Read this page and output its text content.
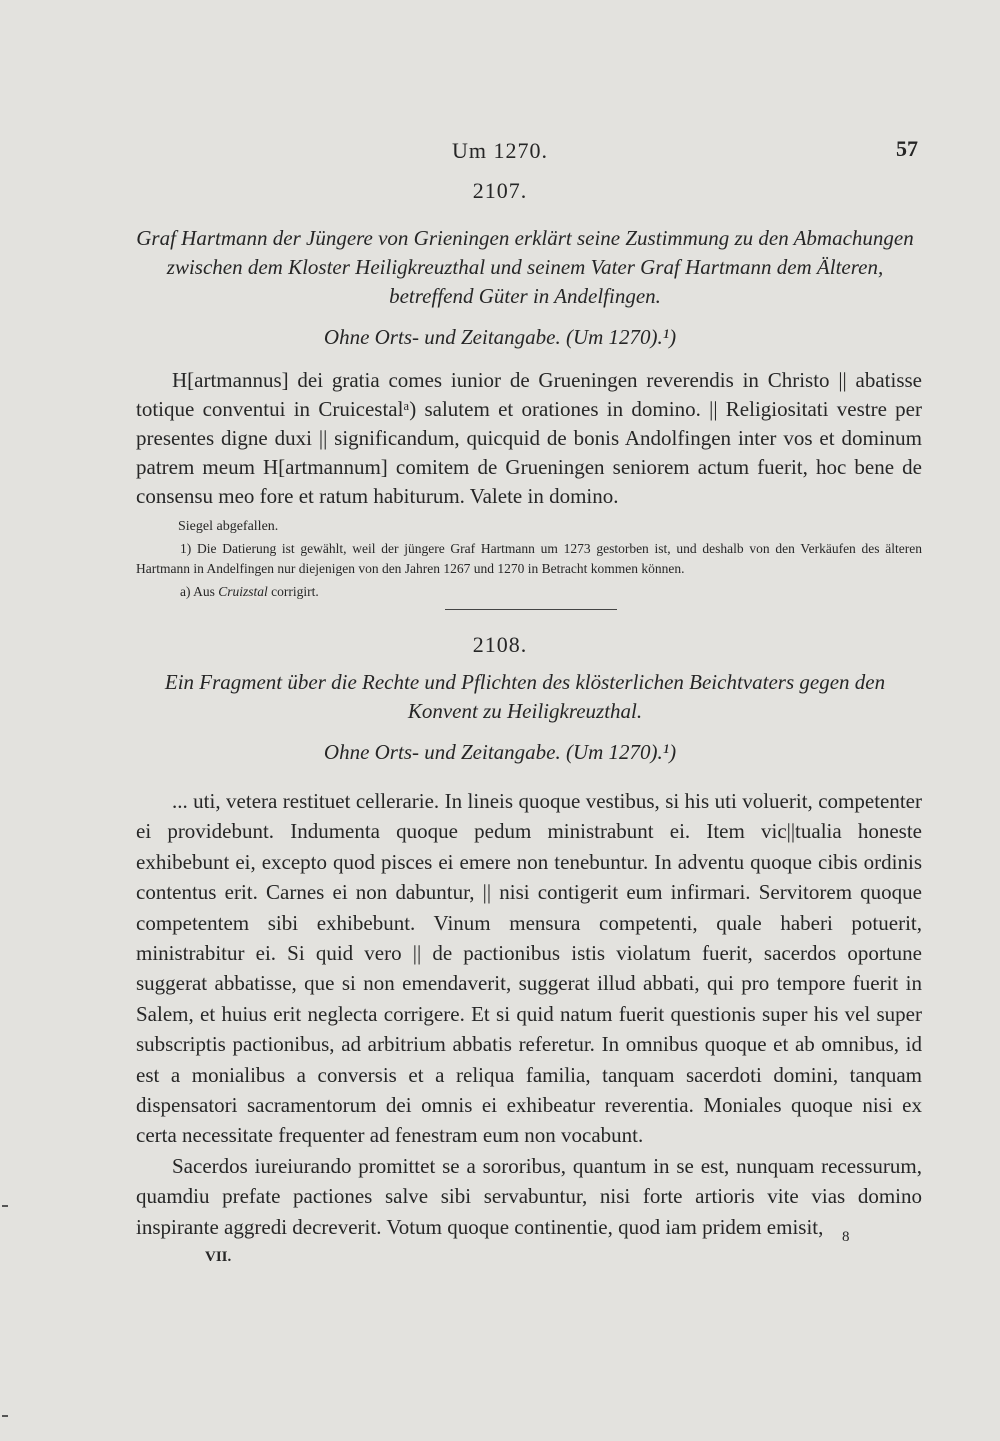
Um 1270.	57
2107.
Graf Hartmann der Jüngere von Grieningen erklärt seine Zustimmung zu den Abmachungen zwischen dem Kloster Heiligkreuzthal und seinem Vater Graf Hartmann dem Älteren, betreffend Güter in Andelfingen.
Ohne Orts- und Zeitangabe. (Um 1270).¹)

H[artmannus] dei gratia comes iunior de Grueningen reverendis in Christo || abatisse totique conventui in Cruicestalᵃ) salutem et orationes in domino. || Religiositati vestre per presentes digne duxi || significandum, quicquid de bonis Andolfingen inter vos et dominum patrem meum H[artmannum] comitem de Grueningen seniorem actum fuerit, hoc bene de consensu meo fore et ratum habiturum. Valete in domino.

Siegel abgefallen.
1) Die Datierung ist gewählt, weil der jüngere Graf Hartmann um 1273 gestorben ist, und deshalb von den Verkäufen des älteren Hartmann in Andelfingen nur diejenigen von den Jahren 1267 und 1270 in Betracht kommen können.
a) Aus Cruizstal corrigirt.
2108.
Ein Fragment über die Rechte und Pflichten des klösterlichen Beichtvaters gegen den Konvent zu Heiligkreuzthal.
Ohne Orts- und Zeitangabe. (Um 1270).¹)

... uti, vetera restituet cellerarie. In lineis quoque vestibus, si his uti voluerit, competenter ei providebunt. Indumenta quoque pedum ministrabunt ei. Item vic||tualia honeste exhibebunt ei, excepto quod pisces ei emere non tenebuntur. In adventu quoque cibis ordinis contentus erit. Carnes ei non dabuntur, || nisi contigerit eum infirmari. Servitorem quoque competentem sibi exhibebunt. Vinum mensura competenti, quale haberi potuerit, ministrabitur ei. Si quid vero || de pactionibus istis violatum fuerit, sacerdos oportune suggerat abbatisse, que si non emendaverit, suggerat illud abbati, qui pro tempore fuerit in Salem, et huius erit neglecta corrigere. Et si quid natum fuerit questionis super his vel super subscriptis pactionibus, ad arbitrium abbatis referetur. In omnibus quoque et ab omnibus, id est a monialibus a conversis et a reliqua familia, tanquam sacerdoti domini, tanquam dispensatori sacramentorum dei omnis ei exhibeatur reverentia. Moniales quoque nisi ex certa necessitate frequenter ad fenestram eum non vocabunt.

Sacerdos iureiurando promittet se a sororibus, quantum in se est, nunquam recessurum, quamdiu prefate pactiones salve sibi servabuntur, nisi forte artioris vite vias domino inspirante aggredi decreverit. Votum quoque continentie, quod iam pridem emisit,

VII.
8
